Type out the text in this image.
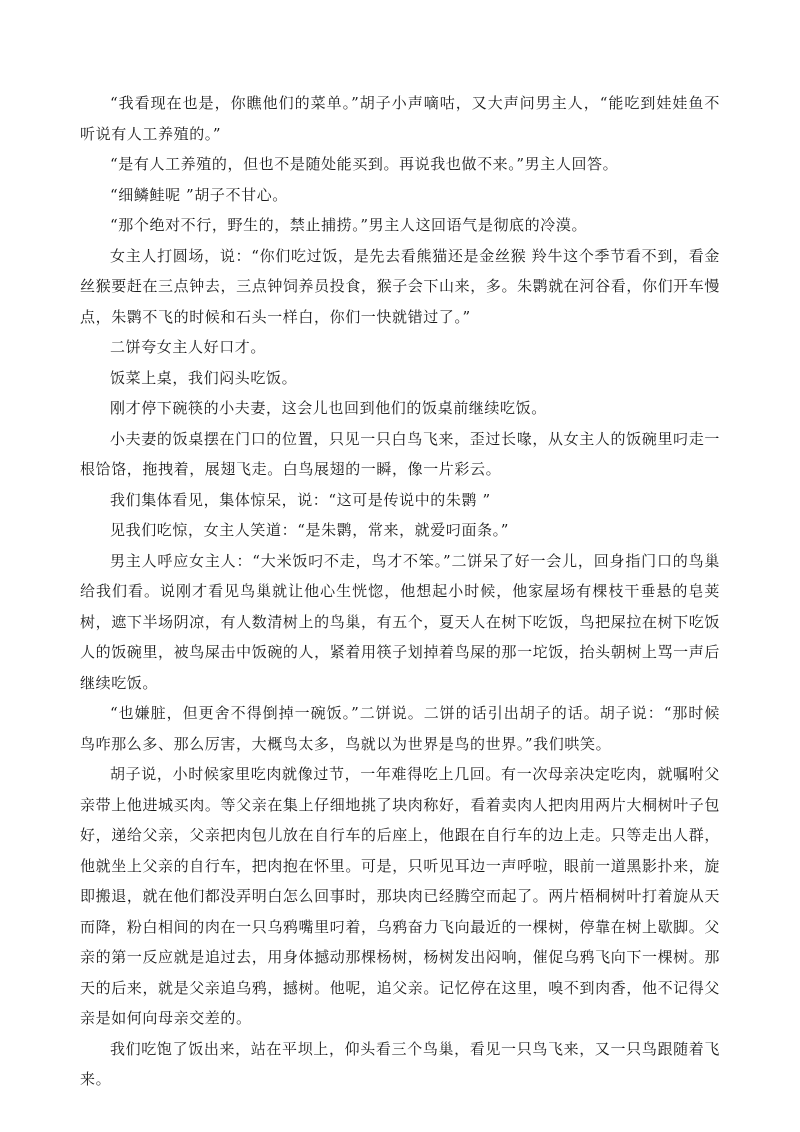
“我看现在也是，你瞧他们的菜单。”胡子小声嘀咕，又大声问男主人，“能吃到娃娃鱼不 听说有人工养殖的。”

“是有人工养殖的，但也不是随处能买到。再说我也做不来。”男主人回答。

“细鳞鲑呢 ”胡子不甘心。

“那个绝对不行，野生的，禁止捕捞。”男主人这回语气是彻底的冷漠。

女主人打圆场，说：“你们吃过饭，是先去看熊猫还是金丝猴 羚牛这个季节看不到，看金丝猴要赶在三点钟去，三点钟饲养员投食，猴子会下山来，多。朱鹮就在河谷看，你们开车慢点，朱鹮不飞的时候和石头一样白，你们一快就错过了。”

二饼夸女主人好口才。

饭菜上桌，我们闷头吃饭。

刚才停下碗筷的小夫妻，这会儿也回到他们的饭桌前继续吃饭。

小夫妻的饭桌摆在门口的位置，只见一只白鸟飞来，歪过长喙，从女主人的饭碗里叼走一根饸饹，拖拽着，展翅飞走。白鸟展翅的一瞬，像一片彩云。

我们集体看见，集体惊呆，说：“这可是传说中的朱鹮 ”

见我们吃惊，女主人笑道：“是朱鹮，常来，就爱叼面条。”

男主人呼应女主人：“大米饭叼不走，鸟才不笨。”二饼呆了好一会儿，回身指门口的鸟巢给我们看。说刚才看见鸟巢就让他心生恍惚，他想起小时候，他家屋场有棵枝干垂悬的皂荚树，遮下半场阴凉，有人数清树上的鸟巢，有五个，夏天人在树下吃饭，鸟把屎拉在树下吃饭人的饭碗里，被鸟屎击中饭碗的人，紧着用筷子划掉着鸟屎的那一坨饭，抬头朝树上骂一声后继续吃饭。

“也嫌脏，但更舍不得倒掉一碗饭。”二饼说。二饼的话引出胡子的话。胡子说：“那时候鸟咋那么多、那么厉害，大概鸟太多，鸟就以为世界是鸟的世界。”我们哄笑。

胡子说，小时候家里吃肉就像过节，一年难得吃上几回。有一次母亲决定吃肉，就嘱咐父亲带上他进城买肉。等父亲在集上仔细地挑了块肉称好，看着卖肉人把肉用两片大桐树叶子包好，递给父亲，父亲把肉包儿放在自行车的后座上，他跟在自行车的边上走。只等走出人群，他就坐上父亲的自行车，把肉抱在怀里。可是，只听见耳边一声呼啦，眼前一道黑影扑来，旋即搬退，就在他们都没弄明白怎么回事时，那块肉已经腾空而起了。两片梧桐树叶打着旋从天而降，粉白相间的肉在一只乌鸦嘴里叼着，乌鸦奋力飞向最近的一棵树，停靠在树上歇脚。父亲的第一反应就是追过去，用身体撼动那棵杨树，杨树发出闷响，催促乌鸦飞向下一棵树。那天的后来，就是父亲追乌鸦，撼树。他呢，追父亲。记忆停在这里，嗅不到肉香，他不记得父亲是如何向母亲交差的。

我们吃饱了饭出来，站在平坝上，仰头看三个鸟巢，看见一只鸟飞来，又一只鸟跟随着飞来。
